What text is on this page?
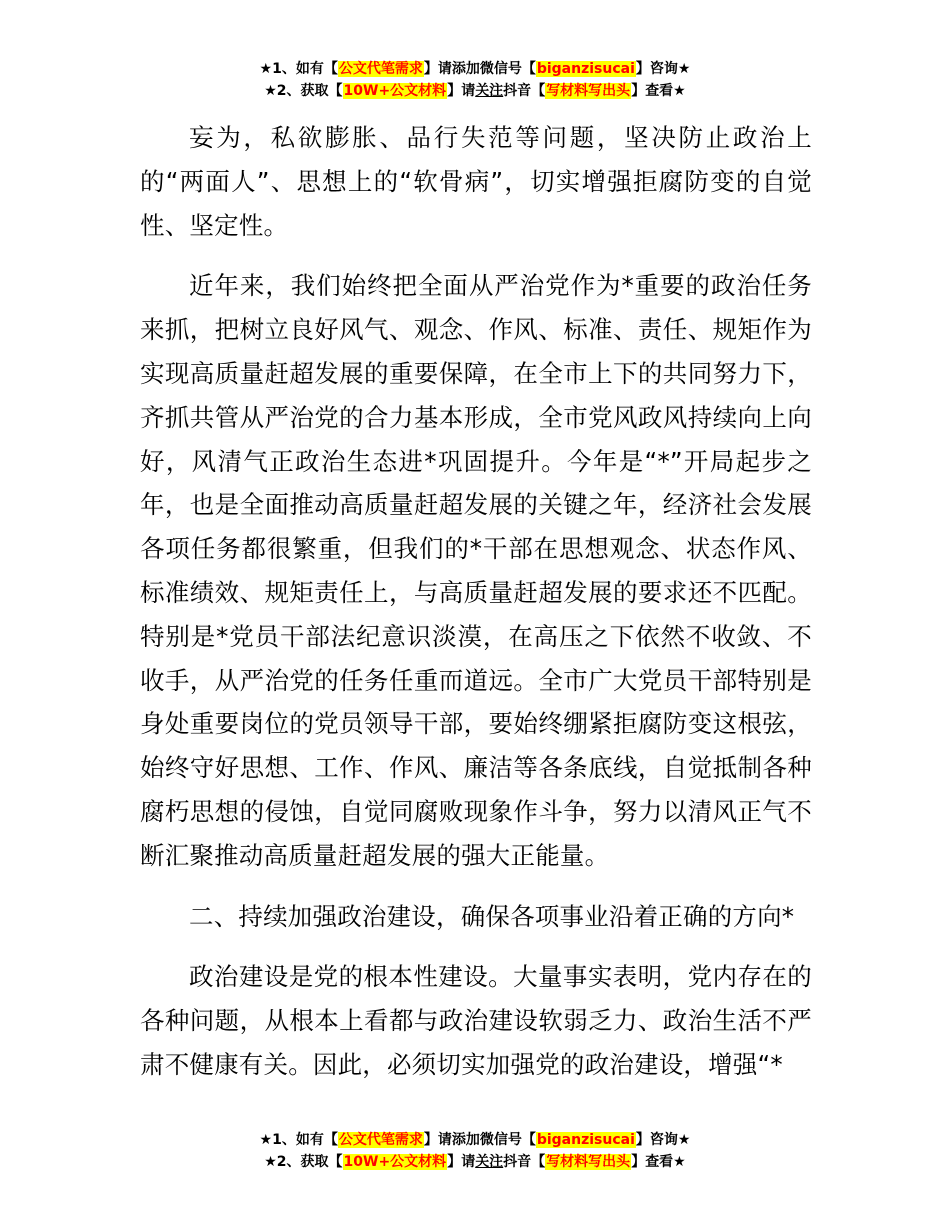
★1、如有【公文代笔需求】请添加微信号【biganzisucai】咨询★
★2、获取【10W+公文材料】请关注抖音【写材料写出头】查看★

妄为，私欲膨胀、品行失范等问题，坚决防止政治上的“两面人”、思想上的“软骨病”，切实增强拒腐防变的自觉性、坚定性。

近年来，我们始终把全面从严治党作为*重要的政治任务来抓，把树立良好风气、观念、作风、标准、责任、规矩作为实现高质量赶超发展的重要保障，在全市上下的共同努力下，齐抓共管从严治党的合力基本形成，全市党风政风持续向上向好，风清气正政治生态进*巩固提升。今年是“*”开局起步之年，也是全面推动高质量赶超发展的关键之年，经济社会发展各项任务都很繁重，但我们的*干部在思想观念、状态作风、标准绩效、规矩责任上，与高质量赶超发展的要求还不匹配。特别是*党员干部法纪意识淡漠，在高压之下依然不收敛、不收手，从严治党的任务任重而道远。全市广大党员干部特别是身处重要岗位的党员领导干部，要始终绷紧拒腐防变这根弦，始终守好思想、工作、作风、廉洁等各条底线，自觉抵制各种腐朽思想的侵蚀，自觉同腐败现象作斗争，努力以清风正气不断汇聚推动高质量赶超发展的强大正能量。

二、持续加强政治建设，确保各项事业沿着正确的方向*

政治建设是党的根本性建设。大量事实表明，党内存在的各种问题，从根本上看都与政治建设软弱乏力、政治生活不严肃不健康有关。因此，必须切实加强党的政治建设，增强“*

★1、如有【公文代笔需求】请添加微信号【biganzisucai】咨询★
★2、获取【10W+公文材料】请关注抖音【写材料写出头】查看★
